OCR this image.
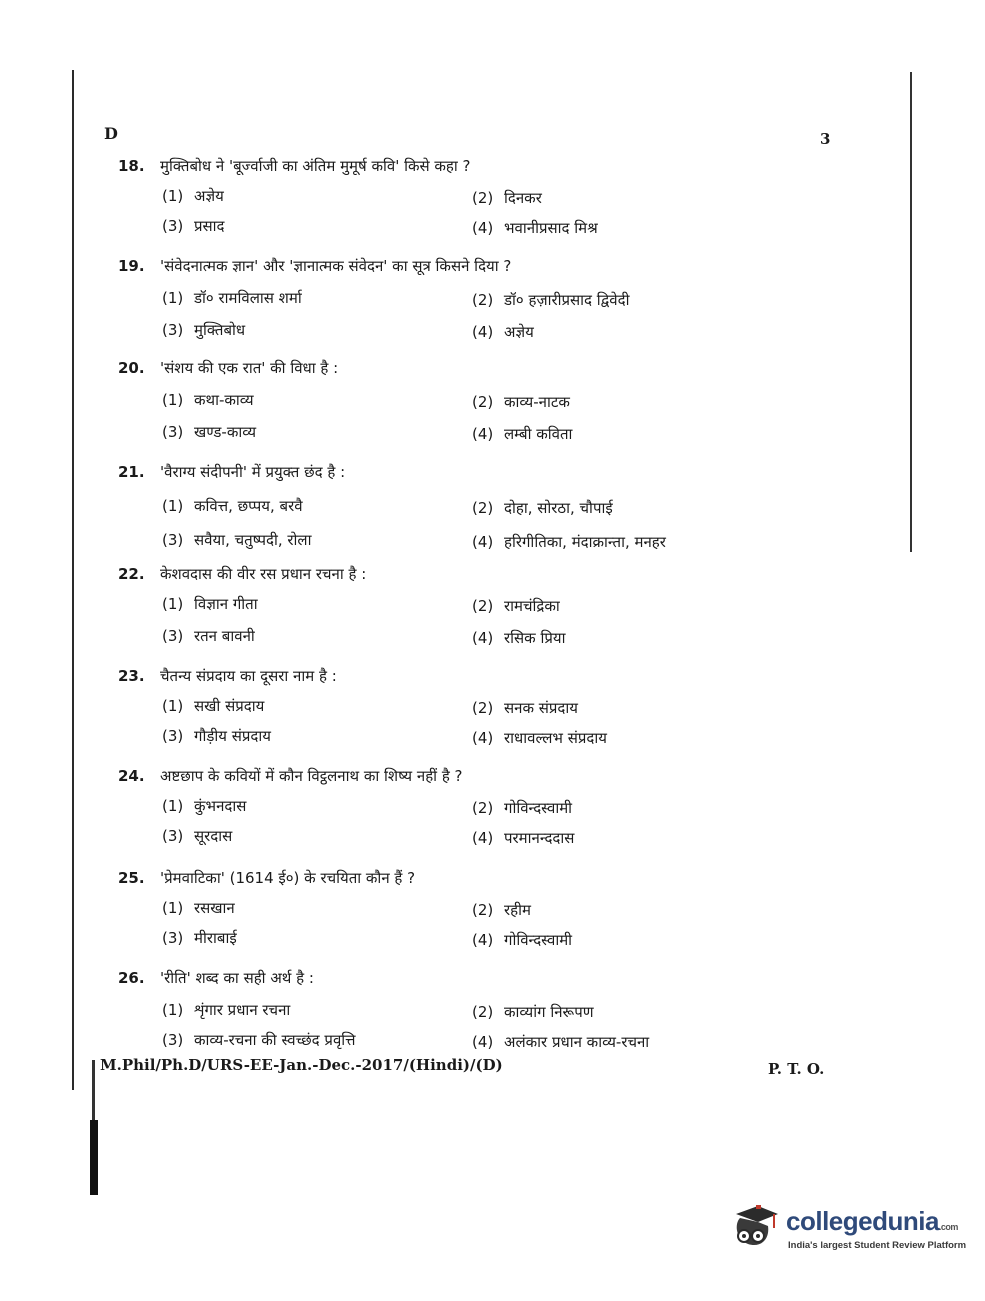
D	3
18.	मुक्तिबोध ने 'बूर्ज्वाजी का अंतिम मुमूर्ष कवि' किसे कहा ?
(1) अज्ञेय	(2) दिनकर
(3) प्रसाद	(4) भवानीप्रसाद मिश्र
19.	'संवेदनात्मक ज्ञान' और 'ज्ञानात्मक संवेदन' का सूत्र किसने दिया ?
(1) डॉ० रामविलास शर्मा	(2) डॉ० हज़ारीप्रसाद द्विवेदी
(3) मुक्तिबोध	(4) अज्ञेय
20.	'संशय की एक रात' की विधा है :
(1) कथा-काव्य	(2) काव्य-नाटक
(3) खण्ड-काव्य	(4) लम्बी कविता
21.	'वैराग्य संदीपनी' में प्रयुक्त छंद है :
(1) कवित्त, छप्पय, बरवै	(2) दोहा, सोरठा, चौपाई
(3) सवैया, चतुष्पदी, रोला	(4) हरिगीतिका, मंदाक्रान्ता, मनहर
22.	केशवदास की वीर रस प्रधान रचना है :
(1) विज्ञान गीता	(2) रामचंद्रिका
(3) रतन बावनी	(4) रसिक प्रिया
23.	चैतन्य संप्रदाय का दूसरा नाम है :
(1) सखी संप्रदाय	(2) सनक संप्रदाय
(3) गौड़ीय संप्रदाय	(4) राधावल्लभ संप्रदाय
24.	अष्टछाप के कवियों में कौन विट्ठलनाथ का शिष्य नहीं है ?
(1) कुंभनदास	(2) गोविन्दस्वामी
(3) सूरदास	(4) परमानन्ददास
25.	'प्रेमवाटिका' (1614 ई०) के रचयिता कौन हैं ?
(1) रसखान	(2) रहीम
(3) मीराबाई	(4) गोविन्दस्वामी
26.	'रीति' शब्द का सही अर्थ है :
(1) शृंगार प्रधान रचना	(2) काव्यांग निरूपण
(3) काव्य-रचना की स्वच्छंद प्रवृत्ति	(4) अलंकार प्रधान काव्य-रचना
M.Phil/Ph.D/URS-EE-Jan.-Dec.-2017/(Hindi)/(D)	P. T. O.
collegedunia.com
India's largest Student Review Platform
